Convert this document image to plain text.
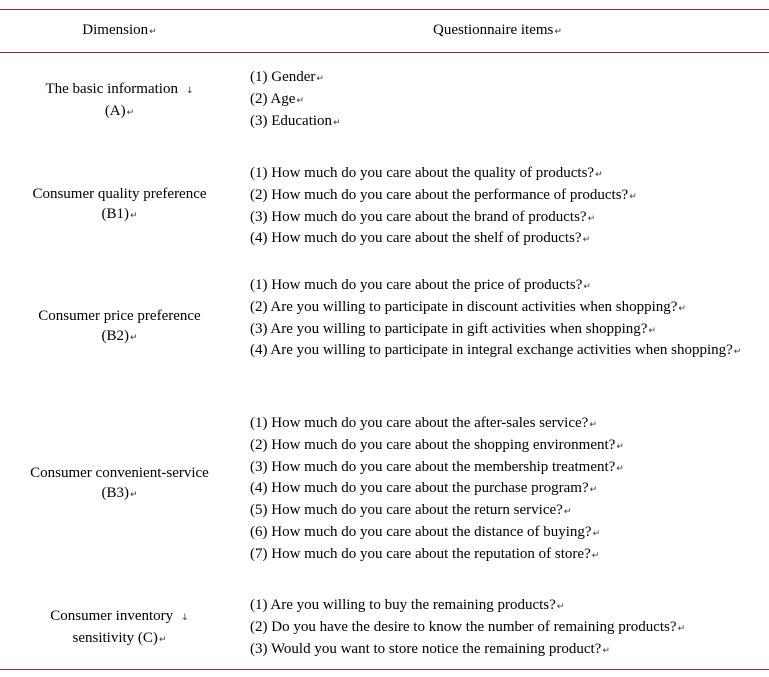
Dimension↵	Questionnaire items↵
The basic information ↓
(A)↵
(1) Gender↵
(2) Age↵
(3) Education↵
Consumer quality preference
(B1)↵
(1) How much do you care about the quality of products?↵
(2) How much do you care about the performance of products?↵
(3) How much do you care about the brand of products?↵
(4) How much do you care about the shelf of products?↵
Consumer price preference
(B2)↵
(1) How much do you care about the price of products?↵
(2) Are you willing to participate in discount activities when shopping?↵
(3) Are you willing to participate in gift activities when shopping?↵
(4) Are you willing to participate in integral exchange activities when shopping?↵
Consumer convenient-service
(B3)↵
(1) How much do you care about the after-sales service?↵
(2) How much do you care about the shopping environment?↵
(3) How much do you care about the membership treatment?↵
(4) How much do you care about the purchase program?↵
(5) How much do you care about the return service?↵
(6) How much do you care about the distance of buying?↵
(7) How much do you care about the reputation of store?↵
Consumer inventory ↓
sensitivity (C)↵
(1) Are you willing to buy the remaining products?↵
(2) Do you have the desire to know the number of remaining products?↵
(3) Would you want to store notice the remaining product?↵
